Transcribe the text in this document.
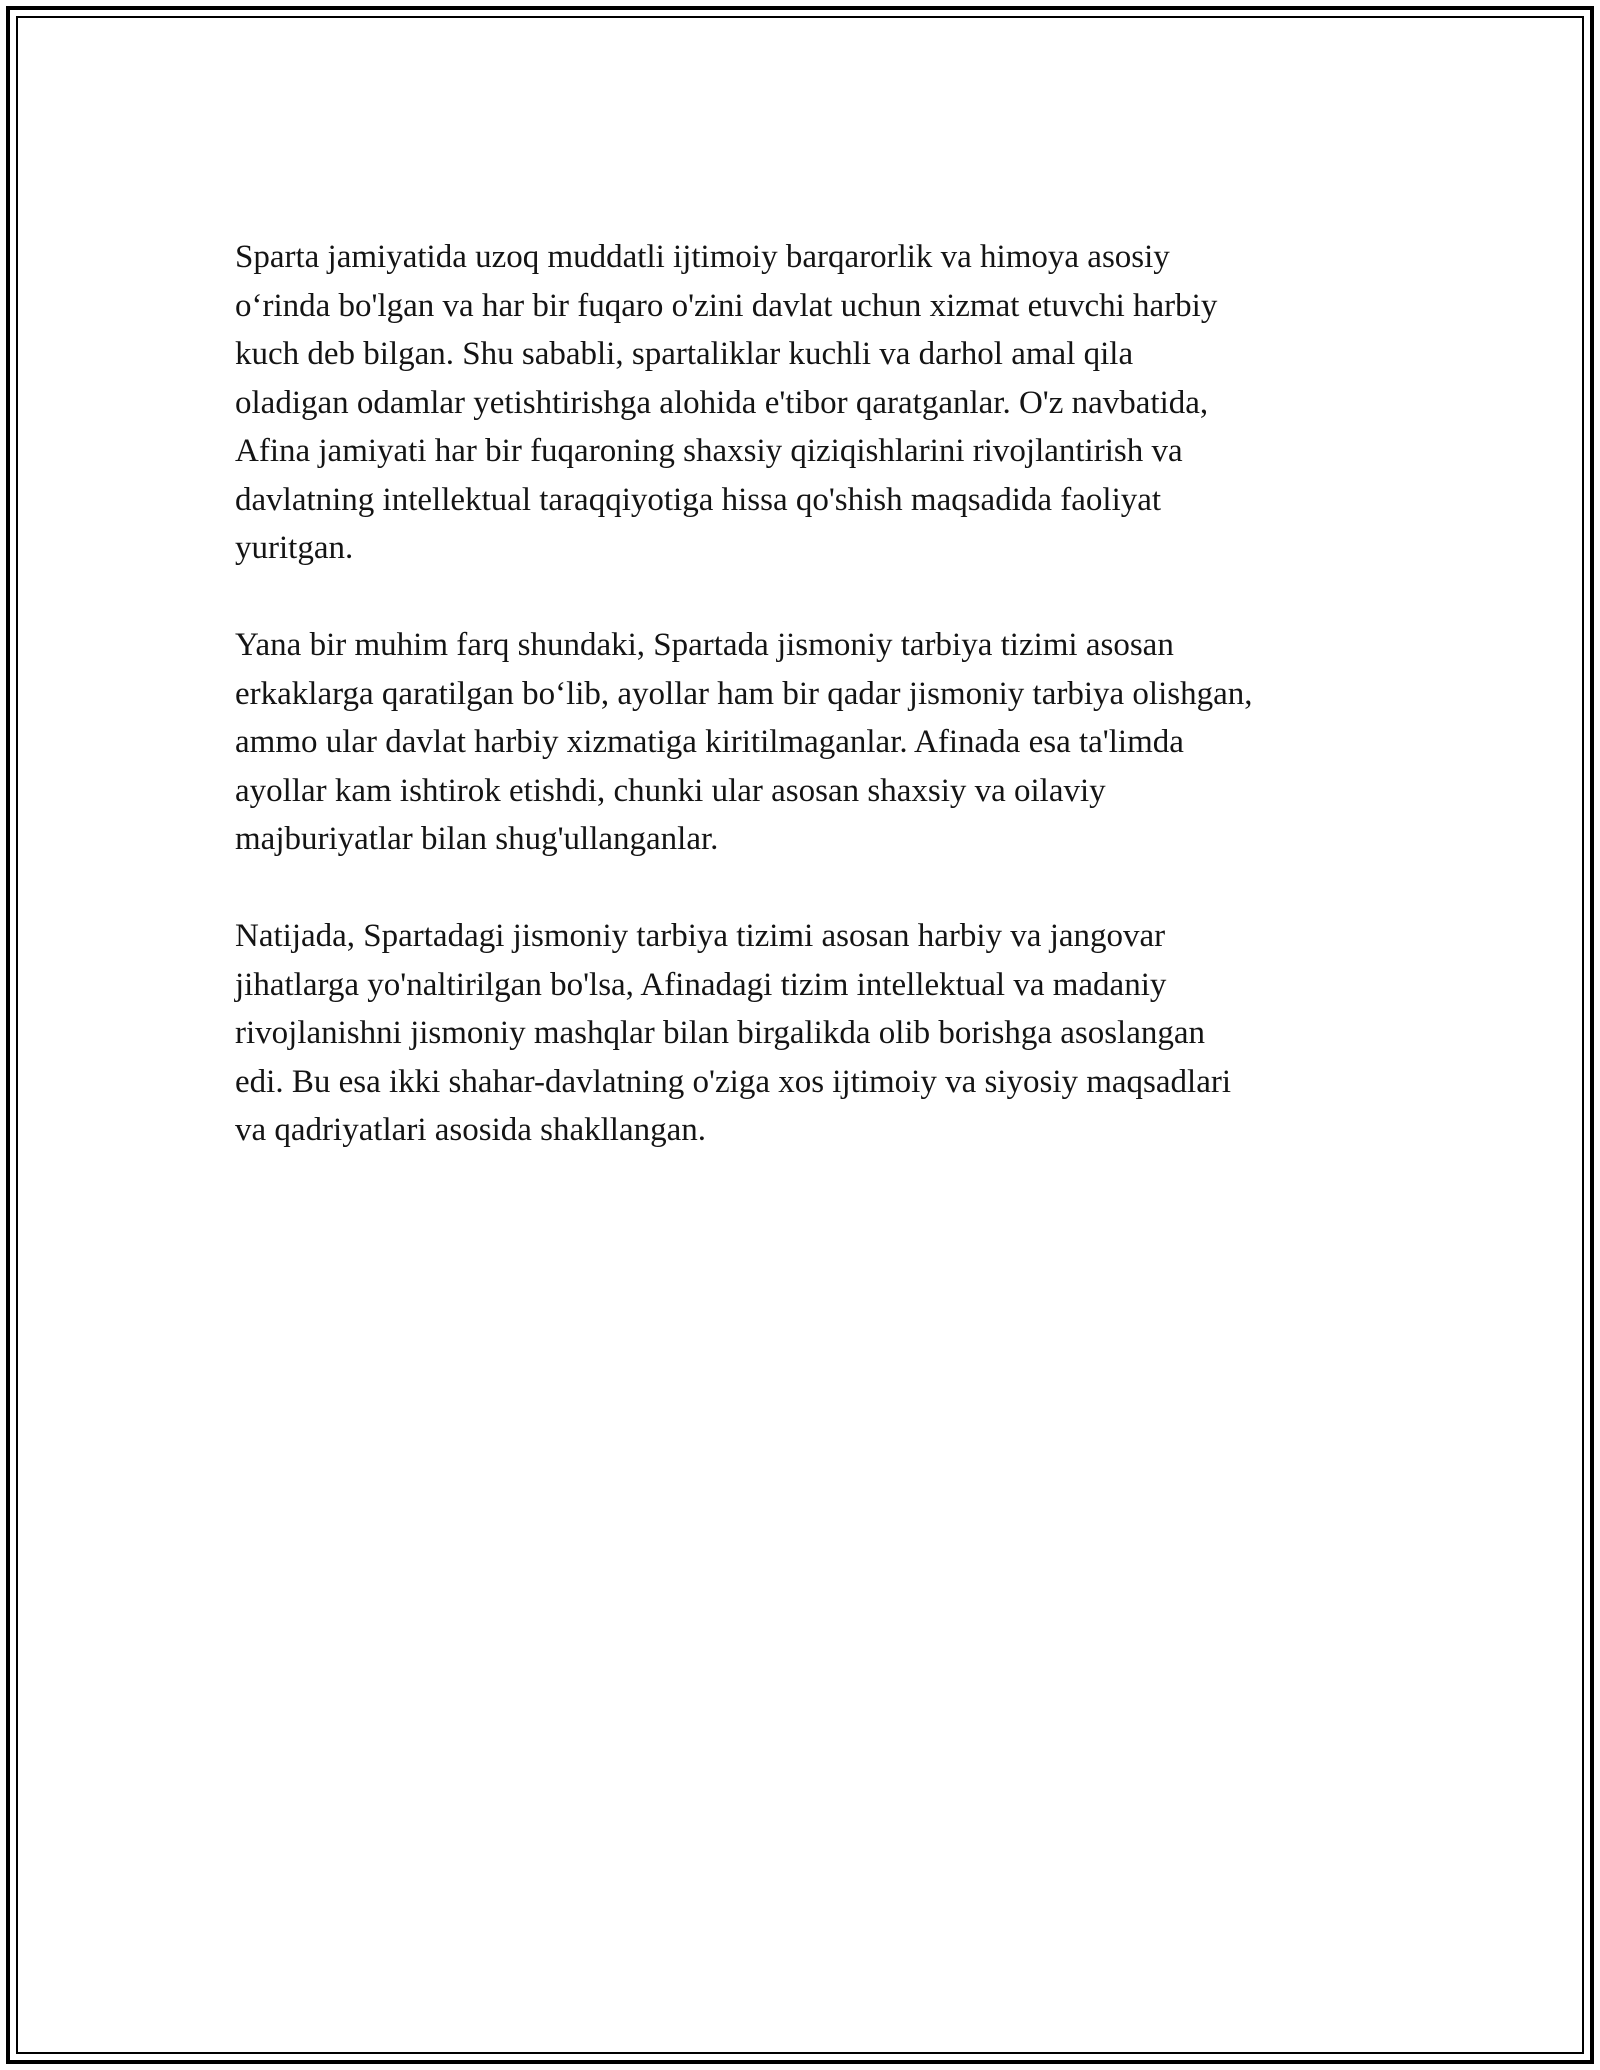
Sparta jamiyatida uzoq muddatli ijtimoiy barqarorlik va himoya asosiy
o‘rinda bo'lgan va har bir fuqaro o'zini davlat uchun xizmat etuvchi harbiy
kuch deb bilgan. Shu sababli, spartaliklar kuchli va darhol amal qila
oladigan odamlar yetishtirishga alohida e'tibor qaratganlar. O'z navbatida,
Afina jamiyati har bir fuqaroning shaxsiy qiziqishlarini rivojlantirish va
davlatning intellektual taraqqiyotiga hissa qo'shish maqsadida faoliyat
yuritgan.

Yana bir muhim farq shundaki, Spartada jismoniy tarbiya tizimi asosan
erkaklarga qaratilgan bo‘lib, ayollar ham bir qadar jismoniy tarbiya olishgan,
ammo ular davlat harbiy xizmatiga kiritilmaganlar. Afinada esa ta'limda
ayollar kam ishtirok etishdi, chunki ular asosan shaxsiy va oilaviy
majburiyatlar bilan shug'ullanganlar.

Natijada, Spartadagi jismoniy tarbiya tizimi asosan harbiy va jangovar
jihatlarga yo'naltirilgan bo'lsa, Afinadagi tizim intellektual va madaniy
rivojlanishni jismoniy mashqlar bilan birgalikda olib borishga asoslangan
edi. Bu esa ikki shahar-davlatning o'ziga xos ijtimoiy va siyosiy maqsadlari
va qadriyatlari asosida shakllangan.
